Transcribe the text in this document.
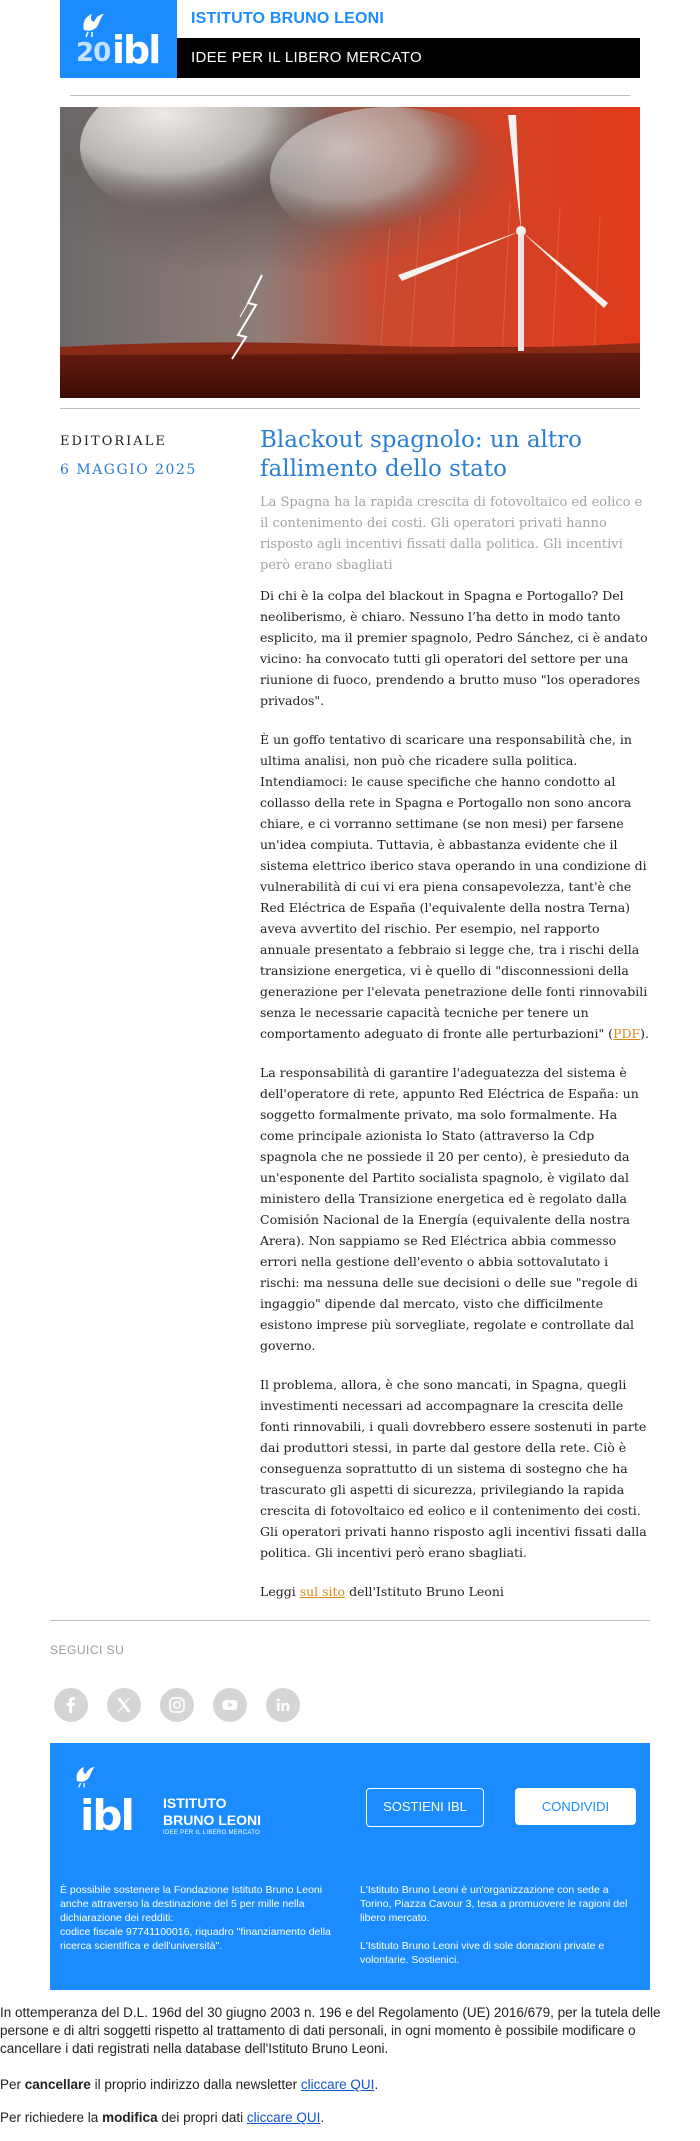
20 ibl
ISTITUTO BRUNO LEONI
IDEE PER IL LIBERO MERCATO
EDITORIALE
6 MAGGIO 2025
Blackout spagnolo: un altro fallimento dello stato
La Spagna ha la rapida crescita di fotovoltaico ed eolico e il contenimento dei costi. Gli operatori privati hanno risposto agli incentivi fissati dalla politica. Gli incentivi però erano sbagliati

Di chi è la colpa del blackout in Spagna e Portogallo? Del neoliberismo, è chiaro. Nessuno l’ha detto in modo tanto esplicito, ma il premier spagnolo, Pedro Sánchez, ci è andato vicino: ha convocato tutti gli operatori del settore per una riunione di fuoco, prendendo a brutto muso "los operadores privados".

È un goffo tentativo di scaricare una responsabilità che, in ultima analisi, non può che ricadere sulla politica. Intendiamoci: le cause specifiche che hanno condotto al collasso della rete in Spagna e Portogallo non sono ancora chiare, e ci vorranno settimane (se non mesi) per farsene un'idea compiuta. Tuttavia, è abbastanza evidente che il sistema elettrico iberico stava operando in una condizione di vulnerabilità di cui vi era piena consapevolezza, tant'è che Red Eléctrica de España (l'equivalente della nostra Terna) aveva avvertito del rischio. Per esempio, nel rapporto annuale presentato a febbraio si legge che, tra i rischi della transizione energetica, vi è quello di "disconnessioni della generazione per l'elevata penetrazione delle fonti rinnovabili senza le necessarie capacità tecniche per tenere un comportamento adeguato di fronte alle perturbazioni" (PDF).

La responsabilità di garantire l'adeguatezza del sistema è dell'operatore di rete, appunto Red Eléctrica de España: un soggetto formalmente privato, ma solo formalmente. Ha come principale azionista lo Stato (attraverso la Cdp spagnola che ne possiede il 20 per cento), è presieduto da un'esponente del Partito socialista spagnolo, è vigilato dal ministero della Transizione energetica ed è regolato dalla Comisión Nacional de la Energía (equivalente della nostra Arera). Non sappiamo se Red Eléctrica abbia commesso errori nella gestione dell'evento o abbia sottovalutato i rischi: ma nessuna delle sue decisioni o delle sue "regole di ingaggio" dipende dal mercato, visto che difficilmente esistono imprese più sorvegliate, regolate e controllate dal governo.

Il problema, allora, è che sono mancati, in Spagna, quegli investimenti necessari ad accompagnare la crescita delle fonti rinnovabili, i quali dovrebbero essere sostenuti in parte dai produttori stessi, in parte dal gestore della rete. Ciò è conseguenza soprattutto di un sistema di sostegno che ha trascurato gli aspetti di sicurezza, privilegiando la rapida crescita di fotovoltaico ed eolico e il contenimento dei costi. Gli operatori privati hanno risposto agli incentivi fissati dalla politica. Gli incentivi però erano sbagliati.

Leggi sul sito dell'Istituto Bruno Leoni

SEGUICI SU
ibl ISTITUTO
BRUNO LEONI
IDEE PER IL LIBERO MERCATO
SOSTIENI IBL	CONDIVIDI

È possibile sostenere la Fondazione Istituto Bruno Leoni anche attraverso la destinazione del 5 per mille nella dichiarazione dei redditi:

codice fiscale 97741100016, riquadro "finanziamento della ricerca scientifica e dell'università".

L'Istituto Bruno Leoni è un'organizzazione con sede a Torino, Piazza Cavour 3, tesa a promuovere le ragioni del libero mercato.

L'Istituto Bruno Leoni vive di sole donazioni private e volontarie. Sostienici.

In ottemperanza del D.L. 196d del 30 giugno 2003 n. 196 e del Regolamento (UE) 2016/679, per la tutela delle persone e di altri soggetti rispetto al trattamento di dati personali, in ogni momento è possibile modificare o cancellare i dati registrati nella database dell'Istituto Bruno Leoni.

Per cancellare il proprio indirizzo dalla newsletter cliccare QUI.

Per richiedere la modifica dei propri dati cliccare QUI.
